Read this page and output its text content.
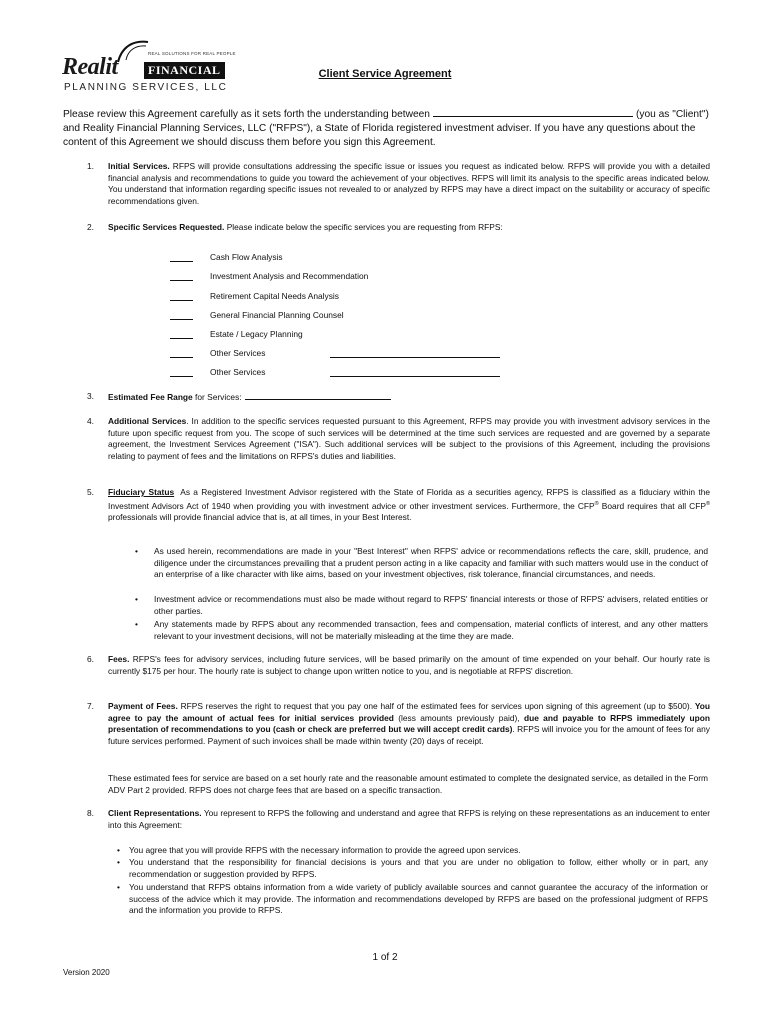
REAL SOLUTIONS FOR REAL PEOPLE
Realit	FINANCIAL
PLANNING SERVICES, LLC
Client Service Agreement
Please review this Agreement carefully as it sets forth the understanding between	(you as "Client") and Reality Financial Planning Services, LLC ("RFPS"), a State of Florida registered investment adviser. If you have any questions about the content of this Agreement we should discuss them before you sign this Agreement.
1. Initial Services. RFPS will provide consultations addressing the specific issue or issues you request as indicated below. RFPS will provide you with a detailed financial analysis and recommendations to guide you toward the achievement of your objectives. RFPS will limit its analysis to the specific areas indicated below. You understand that information regarding specific issues not revealed to or analyzed by RFPS may have a direct impact on the suitability or accuracy of specific recommendations given.
2. Specific Services Requested. Please indicate below the specific services you are requesting from RFPS:
Cash Flow Analysis
Investment Analysis and Recommendation
Retirement Capital Needs Analysis
General Financial Planning Counsel
Estate / Legacy Planning
Other Services
Other Services
3. Estimated Fee Range for Services:
4. Additional Services. In addition to the specific services requested pursuant to this Agreement, RFPS may provide you with investment advisory services in the future upon specific request from you. The scope of such services will be determined at the time such services are requested and are governed by a separate agreement, the Investment Services Agreement ("ISA"). Such additional services will be subject to the provisions of this Agreement, including the provisions relating to payment of fees and the limitations on RFPS's duties and liabilities.
5. Fiduciary Status As a Registered Investment Advisor registered with the State of Florida as a securities agency, RFPS is classified as a fiduciary within the Investment Advisors Act of 1940 when providing you with investment advice or other investment services. Furthermore, the CFP® Board requires that all CFP® professionals will provide financial advice that is, at all times, in your Best Interest.
• As used herein, recommendations are made in your "Best Interest" when RFPS' advice or recommendations reflects the care, skill, prudence, and diligence under the circumstances prevailing that a prudent person acting in a like capacity and familiar with such matters would use in the conduct of an enterprise of a like character with like aims, based on your investment objectives, risk tolerance, financial circumstances, and needs.
• Investment advice or recommendations must also be made without regard to RFPS' financial interests or those of RFPS' advisers, related entities or other parties.
• Any statements made by RFPS about any recommended transaction, fees and compensation, material conflicts of interest, and any other matters relevant to your investment decisions, will not be materially misleading at the time they are made.
6. Fees. RFPS's fees for advisory services, including future services, will be based primarily on the amount of time expended on your behalf. Our hourly rate is currently $175 per hour. The hourly rate is subject to change upon written notice to you, and is negotiable at RFPS' discretion.
7. Payment of Fees. RFPS reserves the right to request that you pay one half of the estimated fees for services upon signing of this agreement (up to $500). You agree to pay the amount of actual fees for initial services provided (less amounts previously paid), due and payable to RFPS immediately upon presentation of recommendations to you (cash or check are preferred but we will accept credit cards). RFPS will invoice you for the amount of fees for any future services performed. Payment of such invoices shall be made within twenty (20) days of receipt.
These estimated fees for service are based on a set hourly rate and the reasonable amount estimated to complete the designated service, as detailed in the Form ADV Part 2 provided. RFPS does not charge fees that are based on a specific transaction.
8. Client Representations. You represent to RFPS the following and understand and agree that RFPS is relying on these representations as an inducement to enter into this Agreement:
• You agree that you will provide RFPS with the necessary information to provide the agreed upon services.
• You understand that the responsibility for financial decisions is yours and that you are under no obligation to follow, either wholly or in part, any recommendation or suggestion provided by RFPS.
• You understand that RFPS obtains information from a wide variety of publicly available sources and cannot guarantee the accuracy of the information or success of the advice which it may provide. The information and recommendations developed by RFPS are based on the professional judgment of RFPS and the information you provide to RFPS.
1 of 2
Version 2020
